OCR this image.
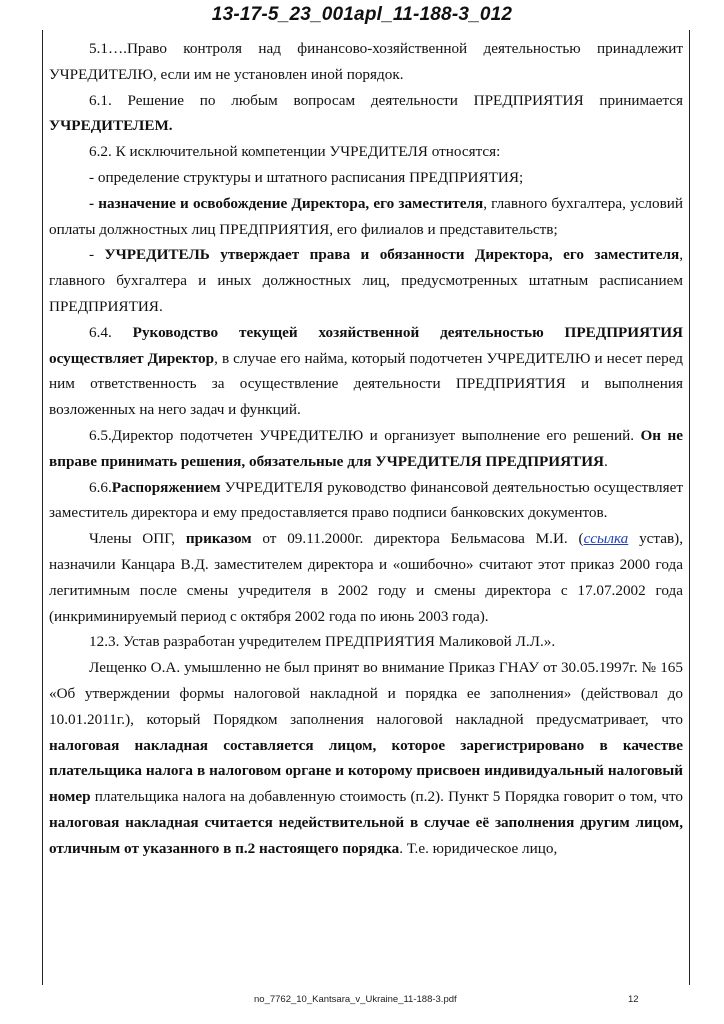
13-17-5_23_001apl_11-188-3_012

5.1….Право контроля над финансово-хозяйственной деятельностью принадлежит УЧРЕДИТЕЛЮ, если им не установлен иной порядок.

6.1. Решение по любым вопросам деятельности ПРЕДПРИЯТИЯ принимается УЧРЕДИТЕЛЕМ.

6.2. К исключительной компетенции УЧРЕДИТЕЛЯ относятся:

- определение структуры и штатного расписания ПРЕДПРИЯТИЯ;

- назначение и освобождение Директора, его заместителя, главного бухгалтера, условий оплаты должностных лиц ПРЕДПРИЯТИЯ, его филиалов и представительств;

- УЧРЕДИТЕЛЬ утверждает права и обязанности Директора, его заместителя, главного бухгалтера и иных должностных лиц, предусмотренных штатным расписанием ПРЕДПРИЯТИЯ.

6.4. Руководство текущей хозяйственной деятельностью ПРЕДПРИЯТИЯ осуществляет Директор, в случае его найма, который подотчетен УЧРЕДИТЕЛЮ и несет перед ним ответственность за осуществление деятельности ПРЕДПРИЯТИЯ и выполнения возложенных на него задач и функций.

6.5.Директор подотчетен УЧРЕДИТЕЛЮ и организует выполнение его решений. Он не вправе принимать решения, обязательные для УЧРЕДИТЕЛЯ ПРЕДПРИЯТИЯ.

6.6.Распоряжением УЧРЕДИТЕЛЯ руководство финансовой деятельностью осуществляет заместитель директора и ему предоставляется право подписи банковских документов.

Члены ОПГ, приказом от 09.11.2000г. директора Бельмасова М.И. (ссылка устав), назначили Канцара В.Д. заместителем директора и «ошибочно» считают этот приказ 2000 года легитимным после смены учредителя в 2002 году и смены директора с 17.07.2002 года (инкриминируемый период с октября 2002 года по июнь 2003 года).

12.3. Устав разработан учредителем ПРЕДПРИЯТИЯ Маликовой Л.Л.».

Лещенко О.А. умышленно не был принят во внимание Приказ ГНАУ от 30.05.1997г. № 165 «Об утверждении формы налоговой накладной и порядка ее заполнения» (действовал до 10.01.2011г.), который Порядком заполнения налоговой накладной предусматривает, что налоговая накладная составляется лицом, которое зарегистрировано в качестве плательщика налога в налоговом органе и которому присвоен индивидуальный налоговый номер плательщика налога на добавленную стоимость (п.2). Пункт 5 Порядка говорит о том, что налоговая накладная считается недействительной в случае её заполнения другим лицом, отличным от указанного в п.2 настоящего порядка. Т.е. юридическое лицо,

no_7762_10_Kantsara_v_Ukraine_11-188-3.pdf	12
